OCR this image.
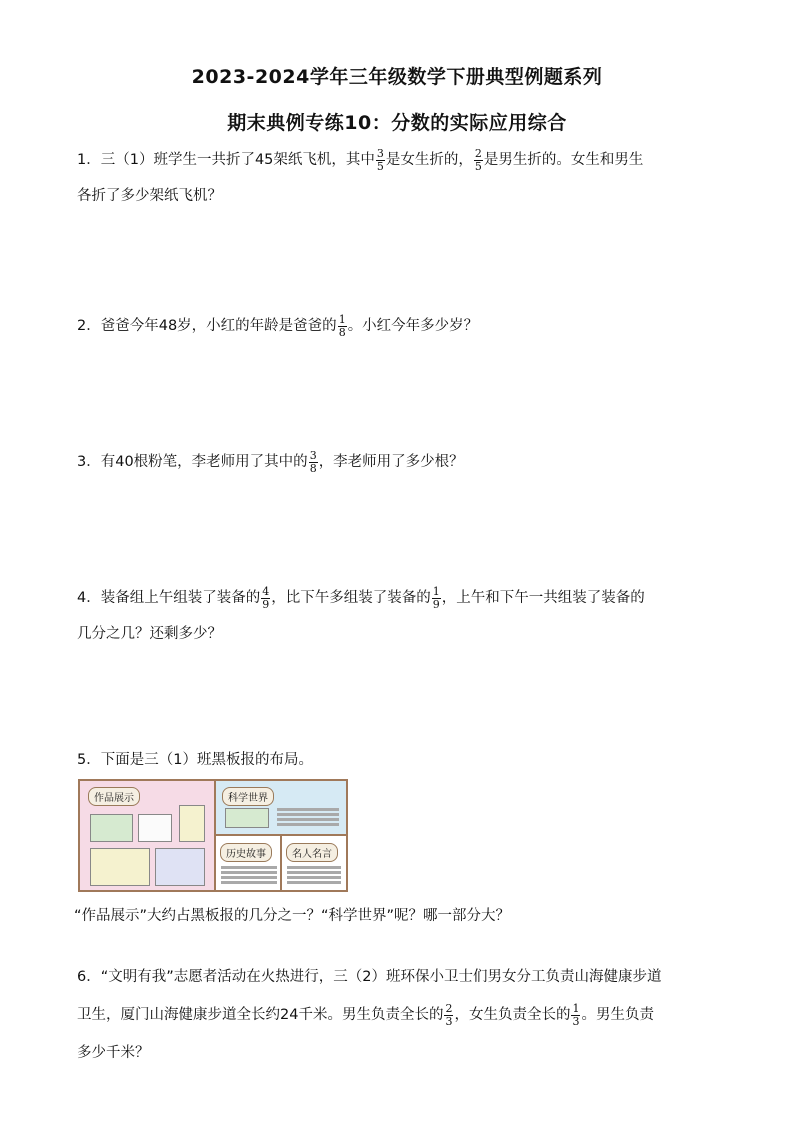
2023-2024学年三年级数学下册典型例题系列
期末典例专练10：分数的实际应用综合
1．三（1）班学生一共折了45架纸飞机，其中 $\frac{3}{5}$ 是女生折的， $\frac{2}{5}$ 是男生折的。女生和男生
各折了多少架纸飞机？
2．爸爸今年48岁，小红的年龄是爸爸的 $\frac{1}{8}$ 。小红今年多少岁？
3．有40根粉笔，李老师用了其中的 $\frac{3}{8}$ ，李老师用了多少根？
4．装备组上午组装了装备的 $\frac{4}{9}$ ，比下午多组装了装备的 $\frac{1}{9}$ ，上午和下午一共组装了装备的
几分之几？还剩多少？
5．下面是三（1）班黑板报的布局。
作品展示	科学世界
历史故事	名人名言
“作品展示”大约占黑板报的几分之一？“科学世界”呢？哪一部分大？
6．“文明有我”志愿者活动在火热进行，三（2）班环保小卫士们男女分工负责山海健康步道
卫生，厦门山海健康步道全长约24千米。男生负责全长的 $\frac{2}{3}$ ，女生负责全长的 $\frac{1}{3}$ 。男生负责
多少千米？
